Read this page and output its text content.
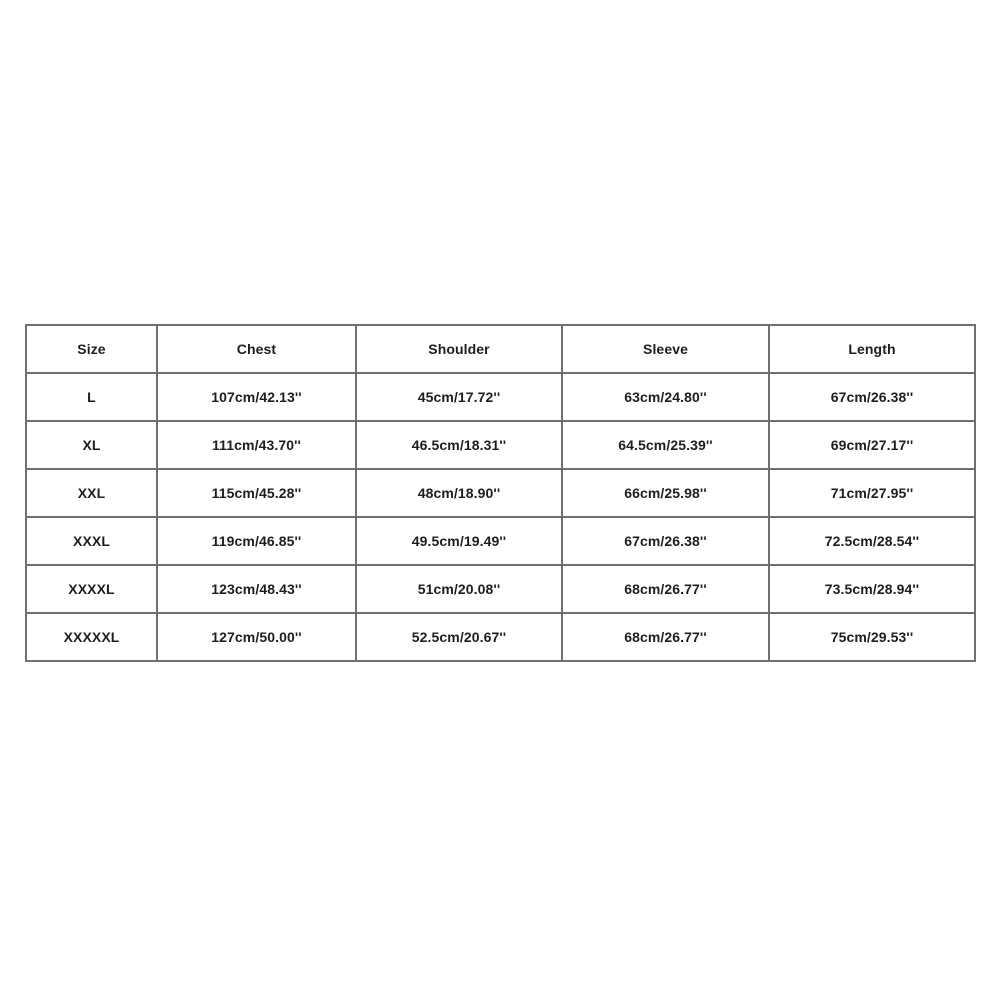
Size	Chest	Shoulder	Sleeve	Length
L	107cm/42.13''	45cm/17.72''	63cm/24.80''	67cm/26.38''
XL	111cm/43.70''	46.5cm/18.31''	64.5cm/25.39''	69cm/27.17''
XXL	115cm/45.28''	48cm/18.90''	66cm/25.98''	71cm/27.95''
XXXL	119cm/46.85''	49.5cm/19.49''	67cm/26.38''	72.5cm/28.54''
XXXXL	123cm/48.43''	51cm/20.08''	68cm/26.77''	73.5cm/28.94''
XXXXXL	127cm/50.00''	52.5cm/20.67''	68cm/26.77''	75cm/29.53''
